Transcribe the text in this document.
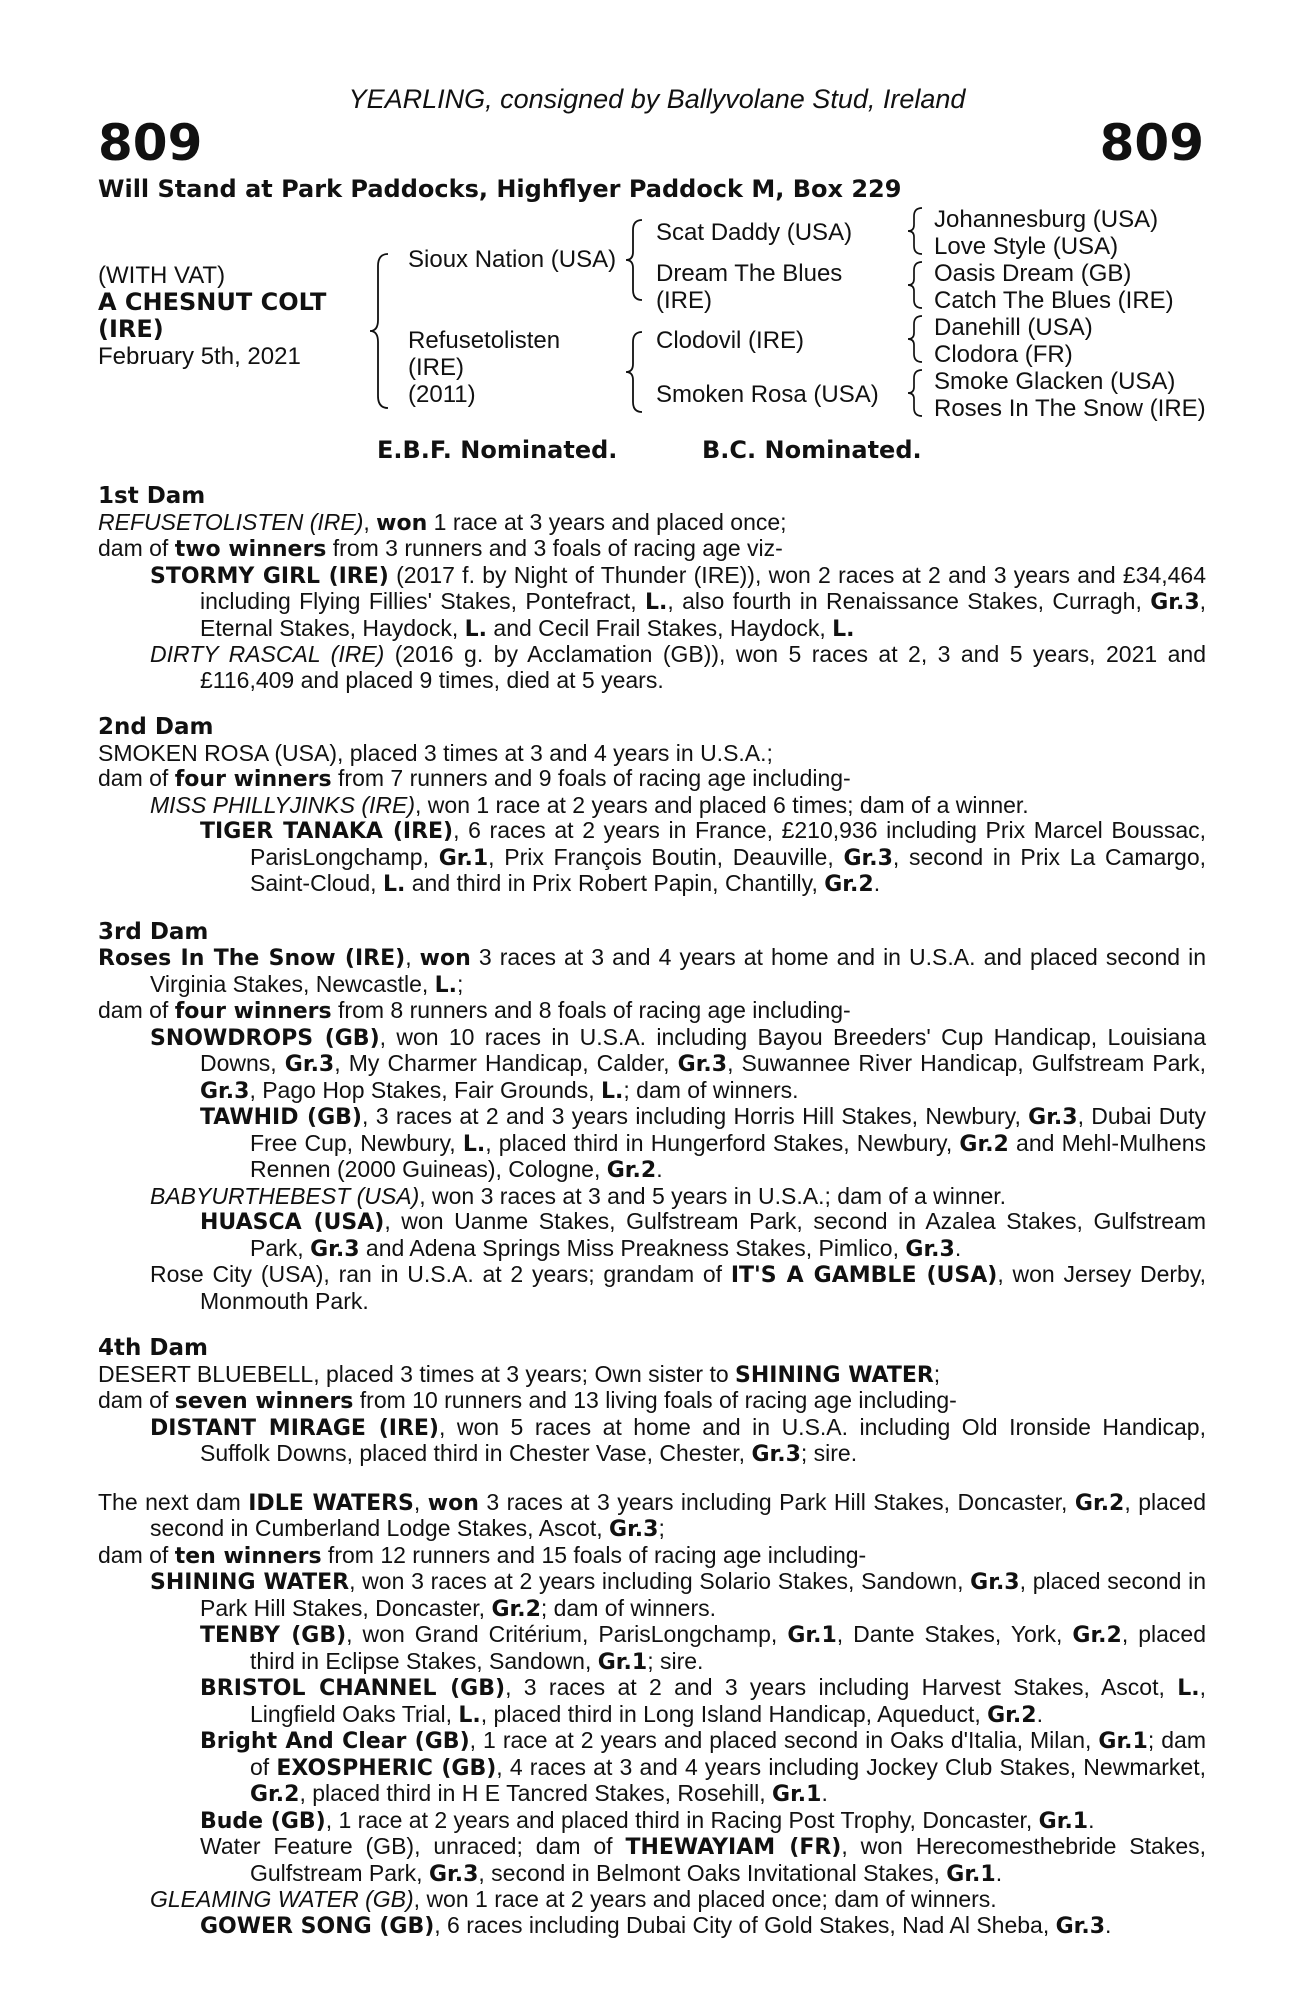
YEARLING, consigned by Ballyvolane Stud, Ireland
809	809
Will Stand at Park Paddocks, Highflyer Paddock M, Box 229
(WITH VAT)
A CHESNUT COLT
(IRE)
February 5th, 2021
Sioux Nation (USA)
Refusetolisten
(IRE)
(2011)
Scat Daddy (USA)
Dream The Blues
(IRE)
Clodovil (IRE)
Smoken Rosa (USA)
Johannesburg (USA)
Love Style (USA)
Oasis Dream (GB)
Catch The Blues (IRE)
Danehill (USA)
Clodora (FR)
Smoke Glacken (USA)
Roses In The Snow (IRE)
E.B.F. Nominated.	B.C. Nominated.
1st Dam
REFUSETOLISTEN (IRE), won 1 race at 3 years and placed once;
dam of two winners from 3 runners and 3 foals of racing age viz-
STORMY GIRL (IRE) (2017 f. by Night of Thunder (IRE)), won 2 races at 2 and 3 years and £34,464 including Flying Fillies' Stakes, Pontefract, L., also fourth in Renaissance Stakes, Curragh, Gr.3, Eternal Stakes, Haydock, L. and Cecil Frail Stakes, Haydock, L.
DIRTY RASCAL (IRE) (2016 g. by Acclamation (GB)), won 5 races at 2, 3 and 5 years, 2021 and £116,409 and placed 9 times, died at 5 years.
2nd Dam
SMOKEN ROSA (USA), placed 3 times at 3 and 4 years in U.S.A.;
dam of four winners from 7 runners and 9 foals of racing age including-
MISS PHILLYJINKS (IRE), won 1 race at 2 years and placed 6 times; dam of a winner.
TIGER TANAKA (IRE), 6 races at 2 years in France, £210,936 including Prix Marcel Boussac, ParisLongchamp, Gr.1, Prix François Boutin, Deauville, Gr.3, second in Prix La Camargo, Saint-Cloud, L. and third in Prix Robert Papin, Chantilly, Gr.2.
3rd Dam
Roses In The Snow (IRE), won 3 races at 3 and 4 years at home and in U.S.A. and placed second in Virginia Stakes, Newcastle, L.;
dam of four winners from 8 runners and 8 foals of racing age including-
SNOWDROPS (GB), won 10 races in U.S.A. including Bayou Breeders' Cup Handicap, Louisiana Downs, Gr.3, My Charmer Handicap, Calder, Gr.3, Suwannee River Handicap, Gulfstream Park, Gr.3, Pago Hop Stakes, Fair Grounds, L.; dam of winners.
TAWHID (GB), 3 races at 2 and 3 years including Horris Hill Stakes, Newbury, Gr.3, Dubai Duty Free Cup, Newbury, L., placed third in Hungerford Stakes, Newbury, Gr.2 and Mehl-Mulhens Rennen (2000 Guineas), Cologne, Gr.2.
BABYURTHEBEST (USA), won 3 races at 3 and 5 years in U.S.A.; dam of a winner.
HUASCA (USA), won Uanme Stakes, Gulfstream Park, second in Azalea Stakes, Gulfstream Park, Gr.3 and Adena Springs Miss Preakness Stakes, Pimlico, Gr.3.
Rose City (USA), ran in U.S.A. at 2 years; grandam of IT'S A GAMBLE (USA), won Jersey Derby, Monmouth Park.
4th Dam
DESERT BLUEBELL, placed 3 times at 3 years; Own sister to SHINING WATER;
dam of seven winners from 10 runners and 13 living foals of racing age including-
DISTANT MIRAGE (IRE), won 5 races at home and in U.S.A. including Old Ironside Handicap, Suffolk Downs, placed third in Chester Vase, Chester, Gr.3; sire.
The next dam IDLE WATERS, won 3 races at 3 years including Park Hill Stakes, Doncaster, Gr.2, placed second in Cumberland Lodge Stakes, Ascot, Gr.3;
dam of ten winners from 12 runners and 15 foals of racing age including-
SHINING WATER, won 3 races at 2 years including Solario Stakes, Sandown, Gr.3, placed second in Park Hill Stakes, Doncaster, Gr.2; dam of winners.
TENBY (GB), won Grand Critérium, ParisLongchamp, Gr.1, Dante Stakes, York, Gr.2, placed third in Eclipse Stakes, Sandown, Gr.1; sire.
BRISTOL CHANNEL (GB), 3 races at 2 and 3 years including Harvest Stakes, Ascot, L., Lingfield Oaks Trial, L., placed third in Long Island Handicap, Aqueduct, Gr.2.
Bright And Clear (GB), 1 race at 2 years and placed second in Oaks d'Italia, Milan, Gr.1; dam of EXOSPHERIC (GB), 4 races at 3 and 4 years including Jockey Club Stakes, Newmarket, Gr.2, placed third in H E Tancred Stakes, Rosehill, Gr.1.
Bude (GB), 1 race at 2 years and placed third in Racing Post Trophy, Doncaster, Gr.1.
Water Feature (GB), unraced; dam of THEWAYIAM (FR), won Herecomesthebride Stakes, Gulfstream Park, Gr.3, second in Belmont Oaks Invitational Stakes, Gr.1.
GLEAMING WATER (GB), won 1 race at 2 years and placed once; dam of winners.
GOWER SONG (GB), 6 races including Dubai City of Gold Stakes, Nad Al Sheba, Gr.3.
